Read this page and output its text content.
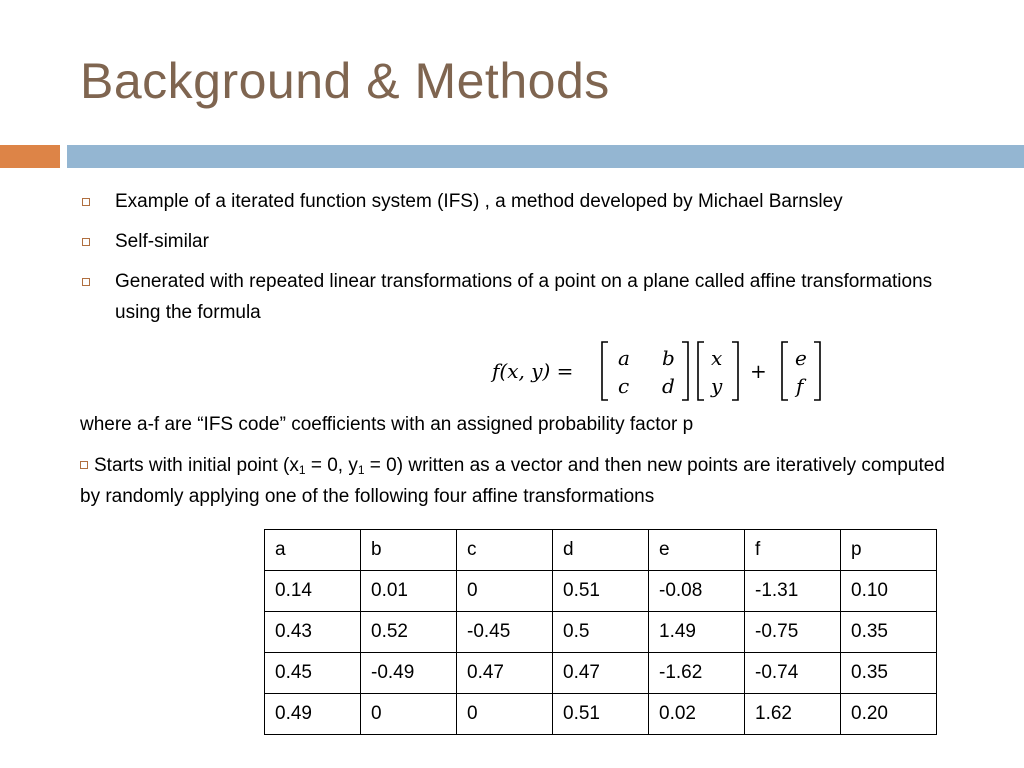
Background & Methods
Example of a iterated function system (IFS) , a method developed by Michael Barnsley
Self-similar
Generated with repeated linear transformations of a point on a plane called affine transformations using the formula
f(x, y) =
a b
c d
x
y
+
e
f

where a-f are “IFS code” coefficients with an assigned probability factor p

Starts with initial point ($x_1 = 0$, $y_1 = 0$) written as a vector and then new points are iteratively computed by randomly applying one of the following four affine transformations

a	b	c	d	e	f	p
0.14	0.01	0	0.51	-0.08	-1.31	0.10
0.43	0.52	-0.45	0.5	1.49	-0.75	0.35
0.45	-0.49	0.47	0.47	-1.62	-0.74	0.35
0.49	0	0	0.51	0.02	1.62	0.20
